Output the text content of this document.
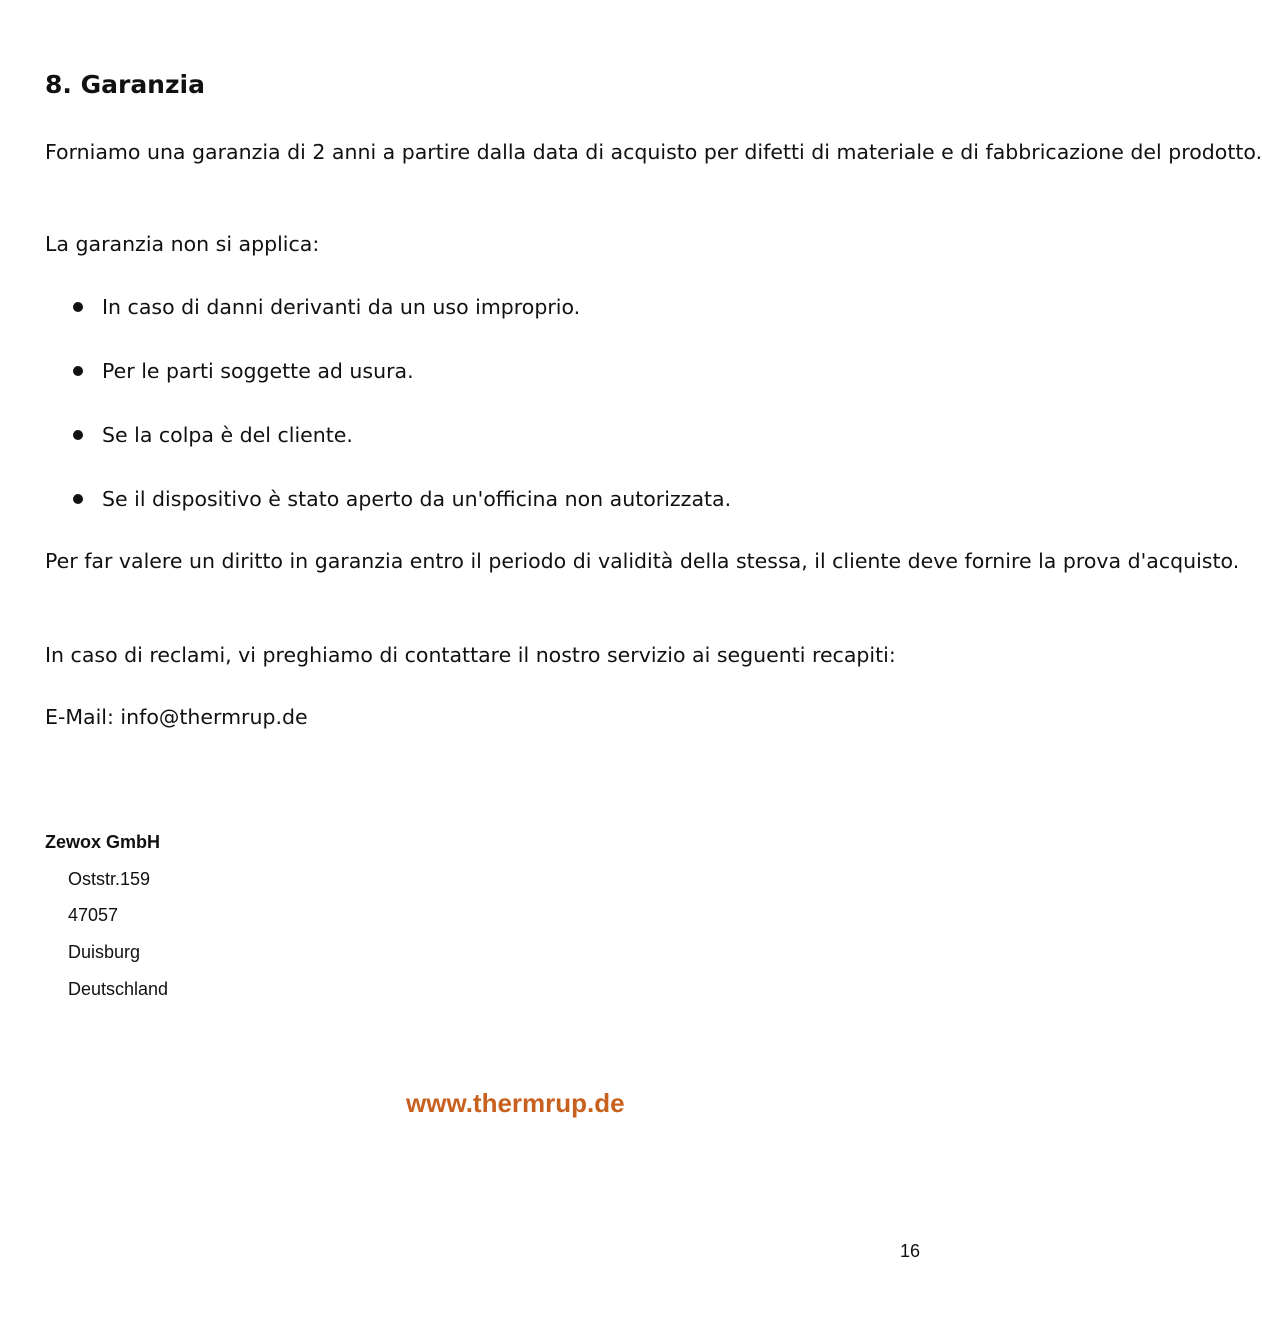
8. Garanzia

Forniamo una garanzia di 2 anni a partire dalla data di acquisto per difetti di materiale e di fabbricazione del prodotto.

La garanzia non si applica:

In caso di danni derivanti da un uso improprio.
Per le parti soggette ad usura.
Se la colpa è del cliente.
Se il dispositivo è stato aperto da un'officina non autorizzata.

Per far valere un diritto in garanzia entro il periodo di validità della stessa, il cliente deve fornire la prova d'acquisto.

In caso di reclami, vi preghiamo di contattare il nostro servizio ai seguenti recapiti:

E-Mail: info@thermrup.de

Zewox GmbH
Oststr.159
47057
Duisburg
Deutschland
www.thermrup.de
16
